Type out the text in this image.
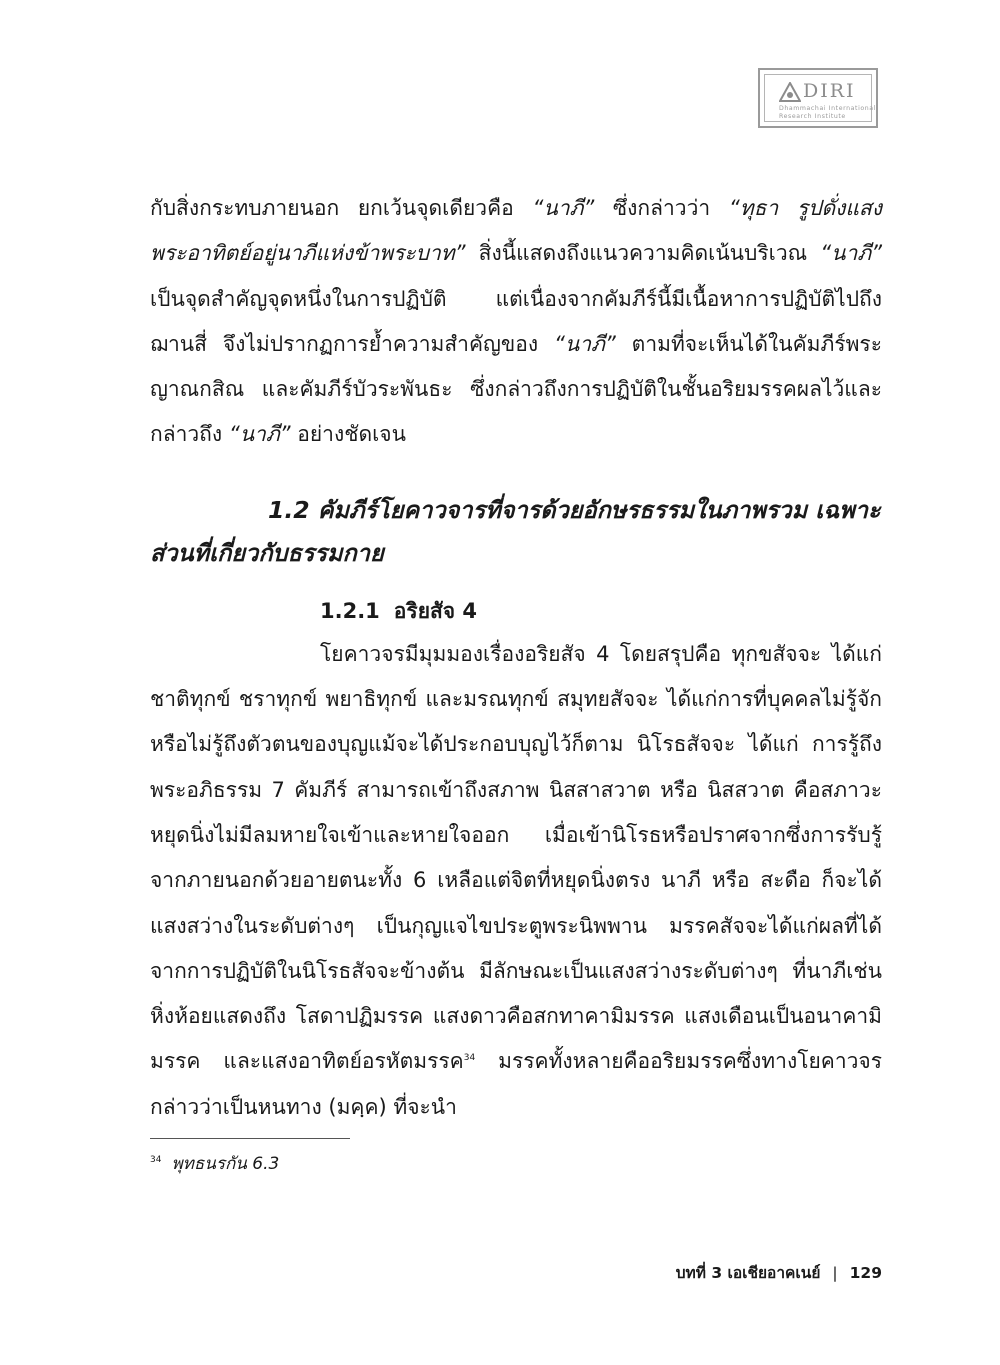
DIRI
Dhammachai International
Research Institute

กับสิ่งกระทบภายนอก ยกเว้นจุดเดียวคือ “นาภี” ซึ่งกล่าวว่า “ทุธา รูปดั่งแสง พระอาทิตย์อยู่นาภีแห่งข้าพระบาท” สิ่งนี้แสดงถึงแนวความคิดเน้นบริเวณ “นาภี” เป็นจุดสำคัญจุดหนึ่งในการปฏิบัติ แต่เนื่องจากคัมภีร์นี้มีเนื้อหาการปฏิบัติไปถึงฌานสี่ จึงไม่ปรากฏการย้ำความสำคัญของ “นาภี” ตามที่จะเห็นได้ในคัมภีร์พระญาณกสิณ และคัมภีร์บัวระพันธะ ซึ่งกล่าวถึงการปฏิบัติในชั้นอริยมรรคผลไว้และกล่าวถึง “นาภี” อย่างชัดเจน

1.2 คัมภีร์โยคาวจารที่จารด้วยอักษรธรรมในภาพรวม เฉพาะส่วนที่เกี่ยวกับธรรมกาย
1.2.1 อริยสัจ 4

โยคาวจรมีมุมมองเรื่องอริยสัจ 4 โดยสรุปคือ ทุกขสัจจะ ได้แก่ ชาติทุกข์ ชราทุกข์ พยาธิทุกข์ และมรณทุกข์ สมุทยสัจจะ ได้แก่การที่บุคคลไม่รู้จักหรือไม่รู้ถึงตัวตนของบุญแม้จะได้ประกอบบุญไว้ก็ตาม นิโรธสัจจะ ได้แก่ การรู้ถึงพระอภิธรรม 7 คัมภีร์ สามารถเข้าถึงสภาพ นิสสาสวาต หรือ นิสสวาต คือสภาวะหยุดนิ่งไม่มีลมหายใจเข้าและหายใจออก เมื่อเข้านิโรธหรือปราศจากซึ่งการรับรู้จากภายนอกด้วยอายตนะทั้ง 6 เหลือแต่จิตที่หยุดนิ่งตรง นาภี หรือ สะดือ ก็จะได้แสงสว่างในระดับต่างๆ เป็นกุญแจไขประตูพระนิพพาน มรรคสัจจะได้แก่ผลที่ได้จากการปฏิบัติในนิโรธสัจจะข้างต้น มีลักษณะเป็นแสงสว่างระดับต่างๆ ที่นาภีเช่น หิ่งห้อยแสดงถึง โสดาปฏิมรรค แสงดาวคือสกทาคามิมรรค แสงเดือนเป็นอนาคามิมรรค และแสงอาทิตย์อรหัตมรรค$^{34}$ มรรคทั้งหลายคืออริยมรรคซึ่งทางโยคาวจรกล่าวว่าเป็นหนทาง (มคฺค) ที่จะนำ

$^{34}$ พุทธนรกัน 6.3
บทที่ 3 เอเชียอาคเนย์ | 129
